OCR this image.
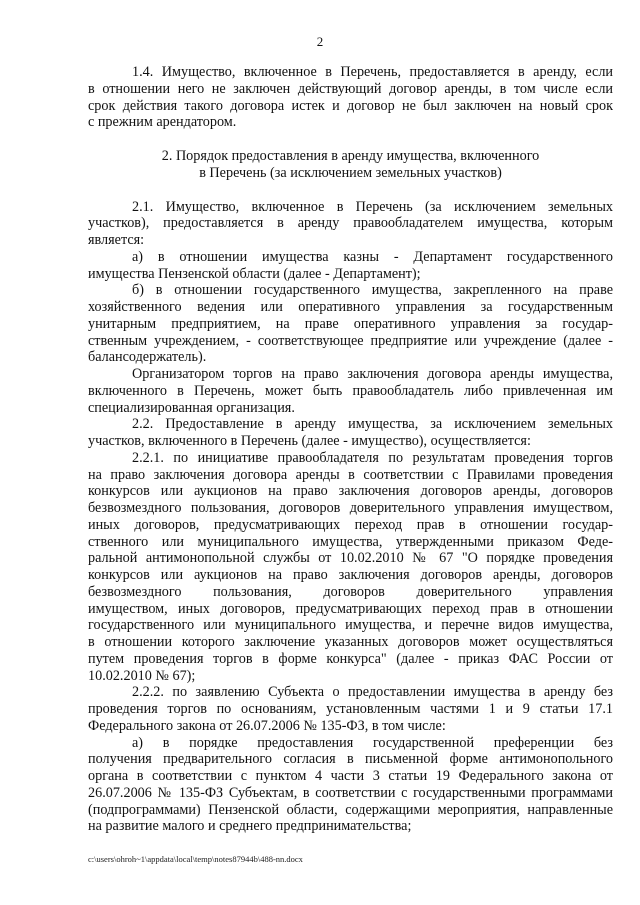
2
1.4. Имущество, включенное в Перечень, предоставляется в аренду, если
в отношении него не заключен действующий договор аренды, в том числе если
срок действия такого договора истек и договор не был заключен на новый срок
с прежним арендатором.
2. Порядок предоставления в аренду имущества, включенного
в Перечень (за исключением земельных участков)
2.1. Имущество, включенное в Перечень (за исключением земельных
участков), предоставляется в аренду правообладателем имущества, которым
является:
а) в отношении имущества казны - Департамент государственного
имущества Пензенской области (далее - Департамент);
б) в отношении государственного имущества, закрепленного на праве
хозяйственного ведения или оперативного управления за государственным
унитарным предприятием, на праве оперативного управления за государ-
ственным учреждением, - соответствующее предприятие или учреждение (далее -
балансодержатель).
Организатором торгов на право заключения договора аренды имущества,
включенного в Перечень, может быть правообладатель либо привлеченная им
специализированная организация.
2.2. Предоставление в аренду имущества, за исключением земельных
участков, включенного в Перечень (далее - имущество), осуществляется:
2.2.1. по инициативе правообладателя по результатам проведения торгов
на право заключения договора аренды в соответствии с Правилами проведения
конкурсов или аукционов на право заключения договоров аренды, договоров
безвозмездного пользования, договоров доверительного управления имуществом,
иных договоров, предусматривающих переход прав в отношении государ-
ственного или муниципального имущества, утвержденными приказом Феде-
ральной антимонопольной службы от 10.02.2010 № 67 "О порядке проведения
конкурсов или аукционов на право заключения договоров аренды, договоров
безвозмездного пользования, договоров доверительного управления
имуществом, иных договоров, предусматривающих переход прав в отношении
государственного или муниципального имущества, и перечне видов имущества,
в отношении которого заключение указанных договоров может осуществляться
путем проведения торгов в форме конкурса" (далее - приказ ФАС России от
10.02.2010 № 67);
2.2.2. по заявлению Субъекта о предоставлении имущества в аренду без
проведения торгов по основаниям, установленным частями 1 и 9 статьи 17.1
Федерального закона от 26.07.2006 № 135-ФЗ, в том числе:
а) в порядке предоставления государственной преференции без
получения предварительного согласия в письменной форме антимонопольного
органа в соответствии с пунктом 4 части 3 статьи 19 Федерального закона от
26.07.2006 № 135-ФЗ Субъектам, в соответствии с государственными программами
(подпрограммами) Пензенской области, содержащими мероприятия, направленные
на развитие малого и среднего предпринимательства;
c:\users\ohroh~1\appdata\local\temp\notes87944b\488-nn.docx
